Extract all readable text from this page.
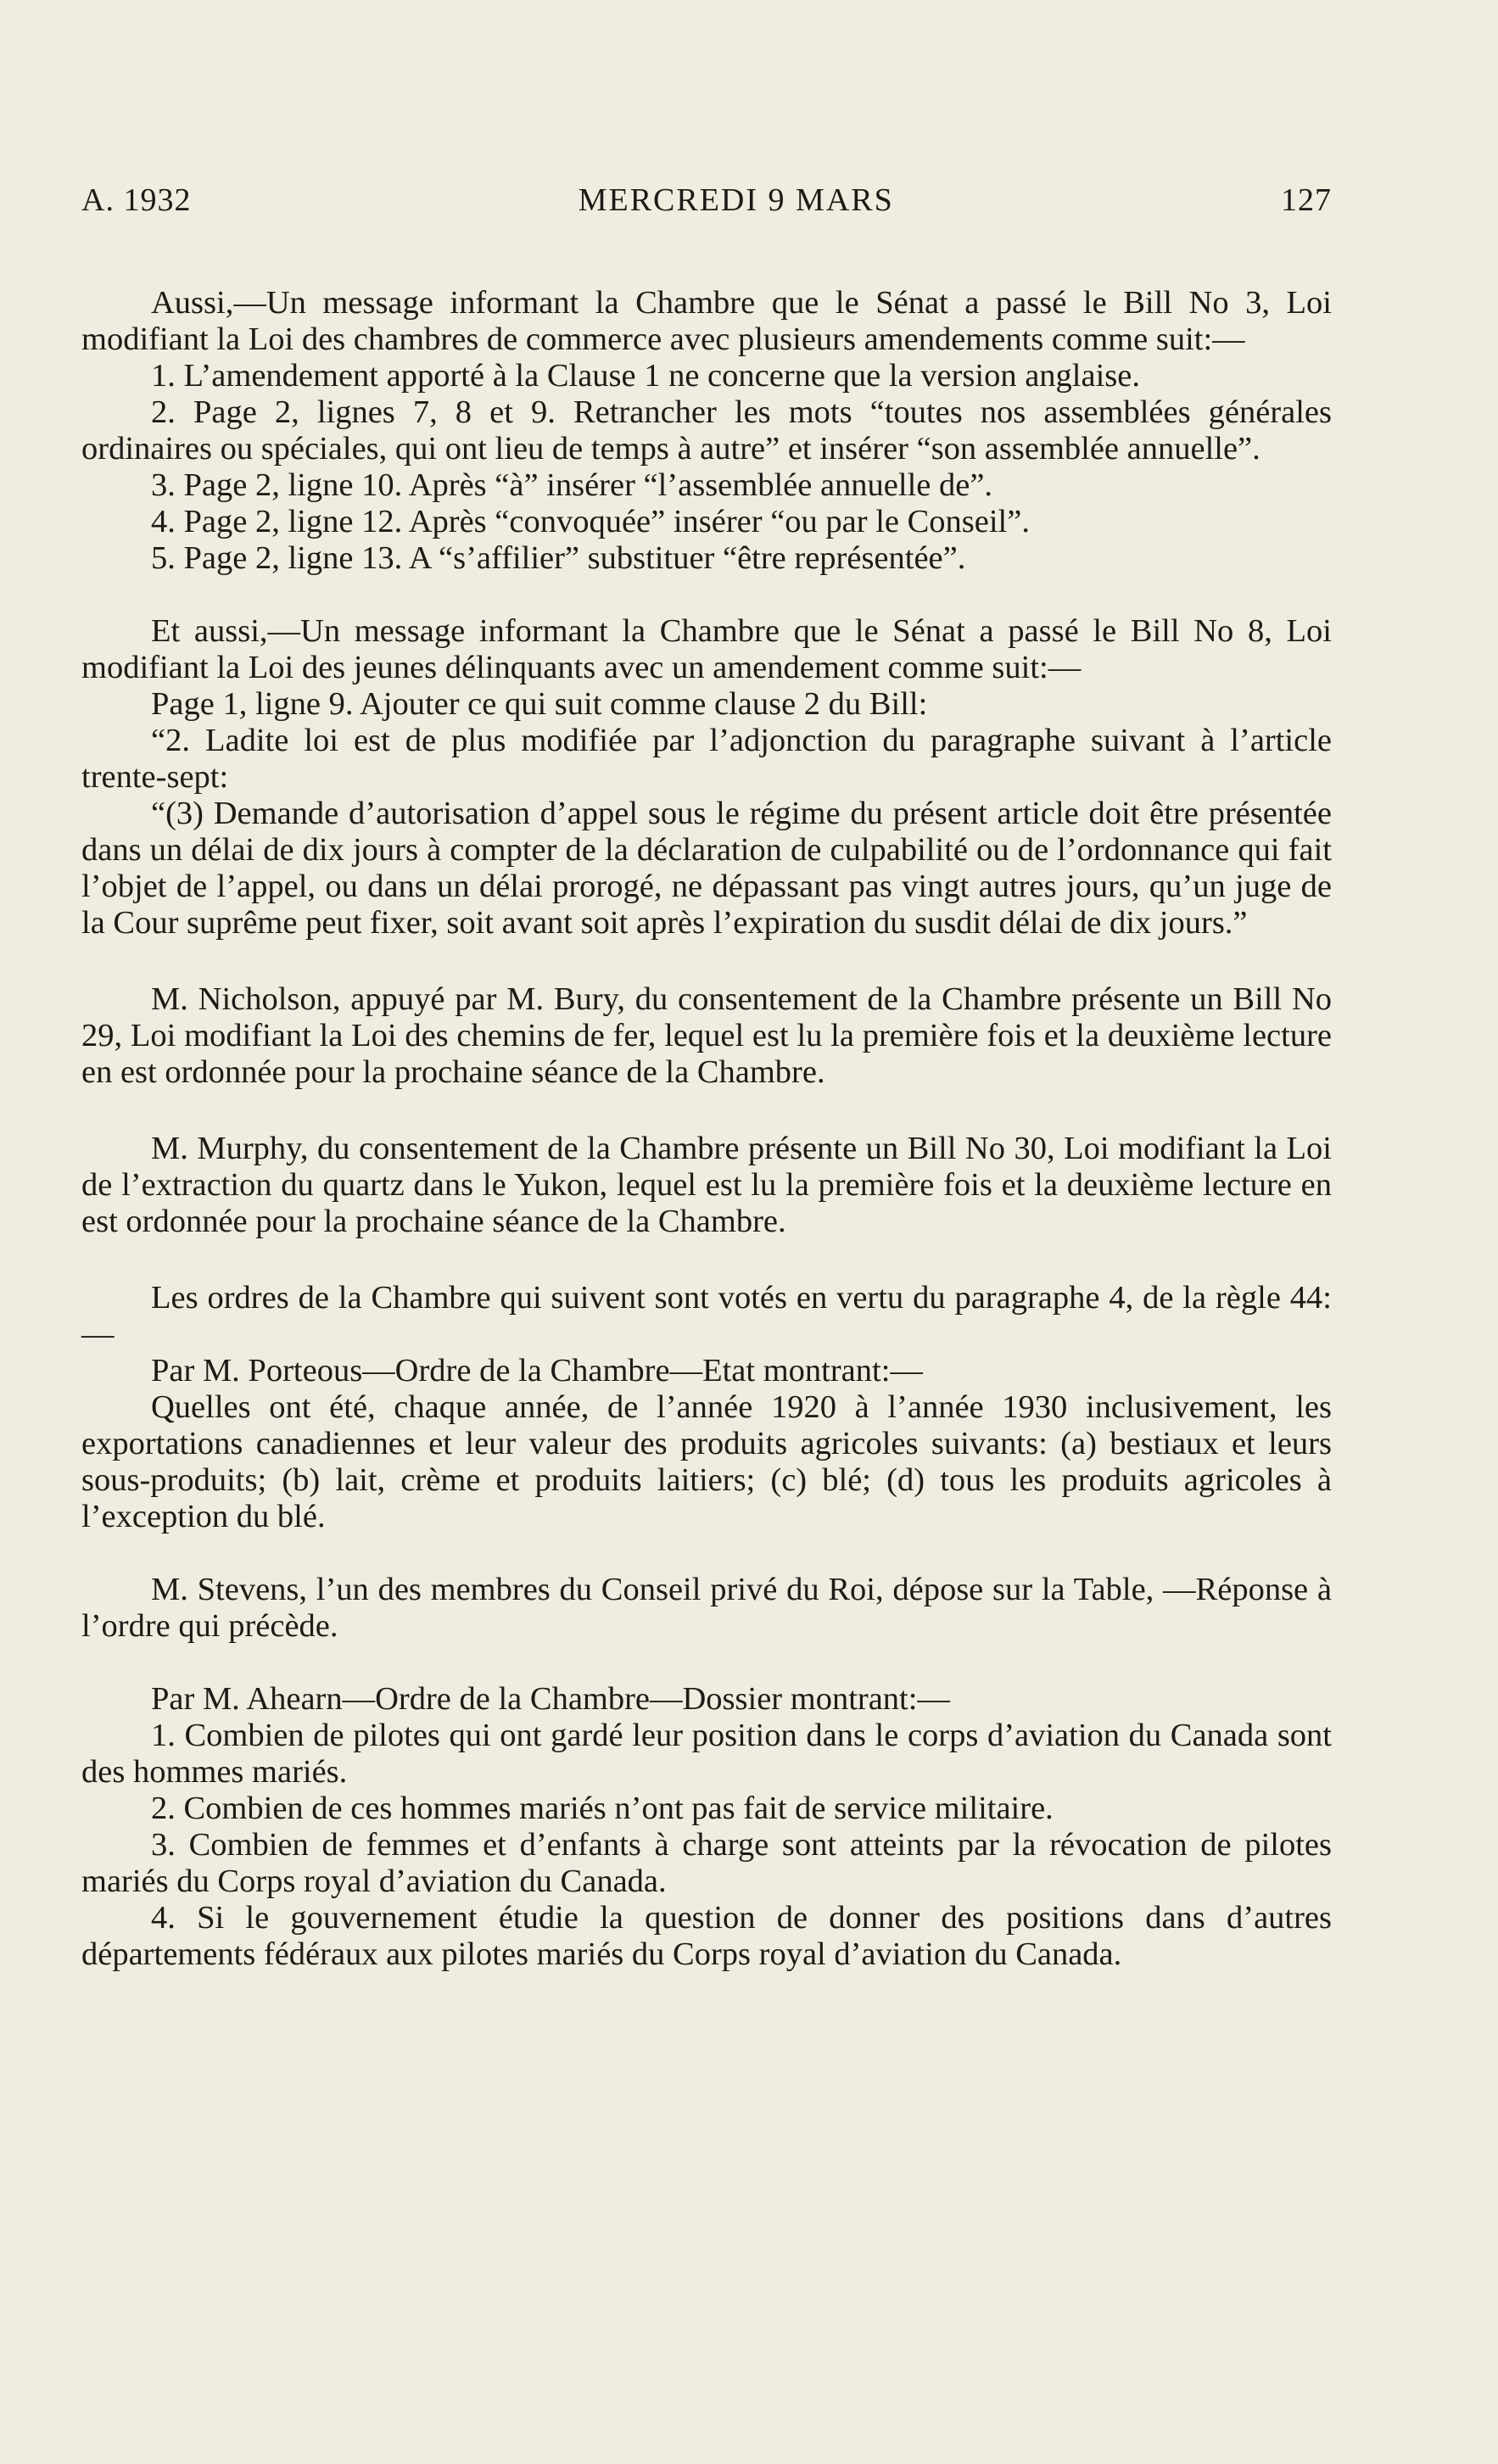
A. 1932	MERCREDI 9 MARS	127

Aussi,—Un message informant la Chambre que le Sénat a passé le Bill No 3, Loi modifiant la Loi des chambres de commerce avec plusieurs amendements comme suit:—

1. L’amendement apporté à la Clause 1 ne concerne que la version anglaise.

2. Page 2, lignes 7, 8 et 9. Retrancher les mots “toutes nos assemblées générales ordinaires ou spéciales, qui ont lieu de temps à autre” et insérer “son assemblée annuelle”.

3. Page 2, ligne 10. Après “à” insérer “l’assemblée annuelle de”.

4. Page 2, ligne 12. Après “convoquée” insérer “ou par le Conseil”.

5. Page 2, ligne 13. A “s’affilier” substituer “être représentée”.

Et aussi,—Un message informant la Chambre que le Sénat a passé le Bill No 8, Loi modifiant la Loi des jeunes délinquants avec un amendement comme suit:—

Page 1, ligne 9. Ajouter ce qui suit comme clause 2 du Bill:

“2. Ladite loi est de plus modifiée par l’adjonction du paragraphe suivant à l’article trente-sept:

“(3) Demande d’autorisation d’appel sous le régime du présent article doit être présentée dans un délai de dix jours à compter de la déclaration de culpabilité ou de l’ordonnance qui fait l’objet de l’appel, ou dans un délai prorogé, ne dépassant pas vingt autres jours, qu’un juge de la Cour suprême peut fixer, soit avant soit après l’expiration du susdit délai de dix jours.”

M. Nicholson, appuyé par M. Bury, du consentement de la Chambre présente un Bill No 29, Loi modifiant la Loi des chemins de fer, lequel est lu la première fois et la deuxième lecture en est ordonnée pour la prochaine séance de la Chambre.

M. Murphy, du consentement de la Chambre présente un Bill No 30, Loi modifiant la Loi de l’extraction du quartz dans le Yukon, lequel est lu la première fois et la deuxième lecture en est ordonnée pour la prochaine séance de la Chambre.

Les ordres de la Chambre qui suivent sont votés en vertu du paragraphe 4, de la règle 44:—

Par M. Porteous—Ordre de la Chambre—Etat montrant:—

Quelles ont été, chaque année, de l’année 1920 à l’année 1930 inclusivement, les exportations canadiennes et leur valeur des produits agricoles suivants: (a) bestiaux et leurs sous-produits; (b) lait, crème et produits laitiers; (c) blé; (d) tous les produits agricoles à l’exception du blé.

M. Stevens, l’un des membres du Conseil privé du Roi, dépose sur la Table, —Réponse à l’ordre qui précède.

Par M. Ahearn—Ordre de la Chambre—Dossier montrant:—

1. Combien de pilotes qui ont gardé leur position dans le corps d’aviation du Canada sont des hommes mariés.

2. Combien de ces hommes mariés n’ont pas fait de service militaire.

3. Combien de femmes et d’enfants à charge sont atteints par la révocation de pilotes mariés du Corps royal d’aviation du Canada.

4. Si le gouvernement étudie la question de donner des positions dans d’autres départements fédéraux aux pilotes mariés du Corps royal d’aviation du Canada.
